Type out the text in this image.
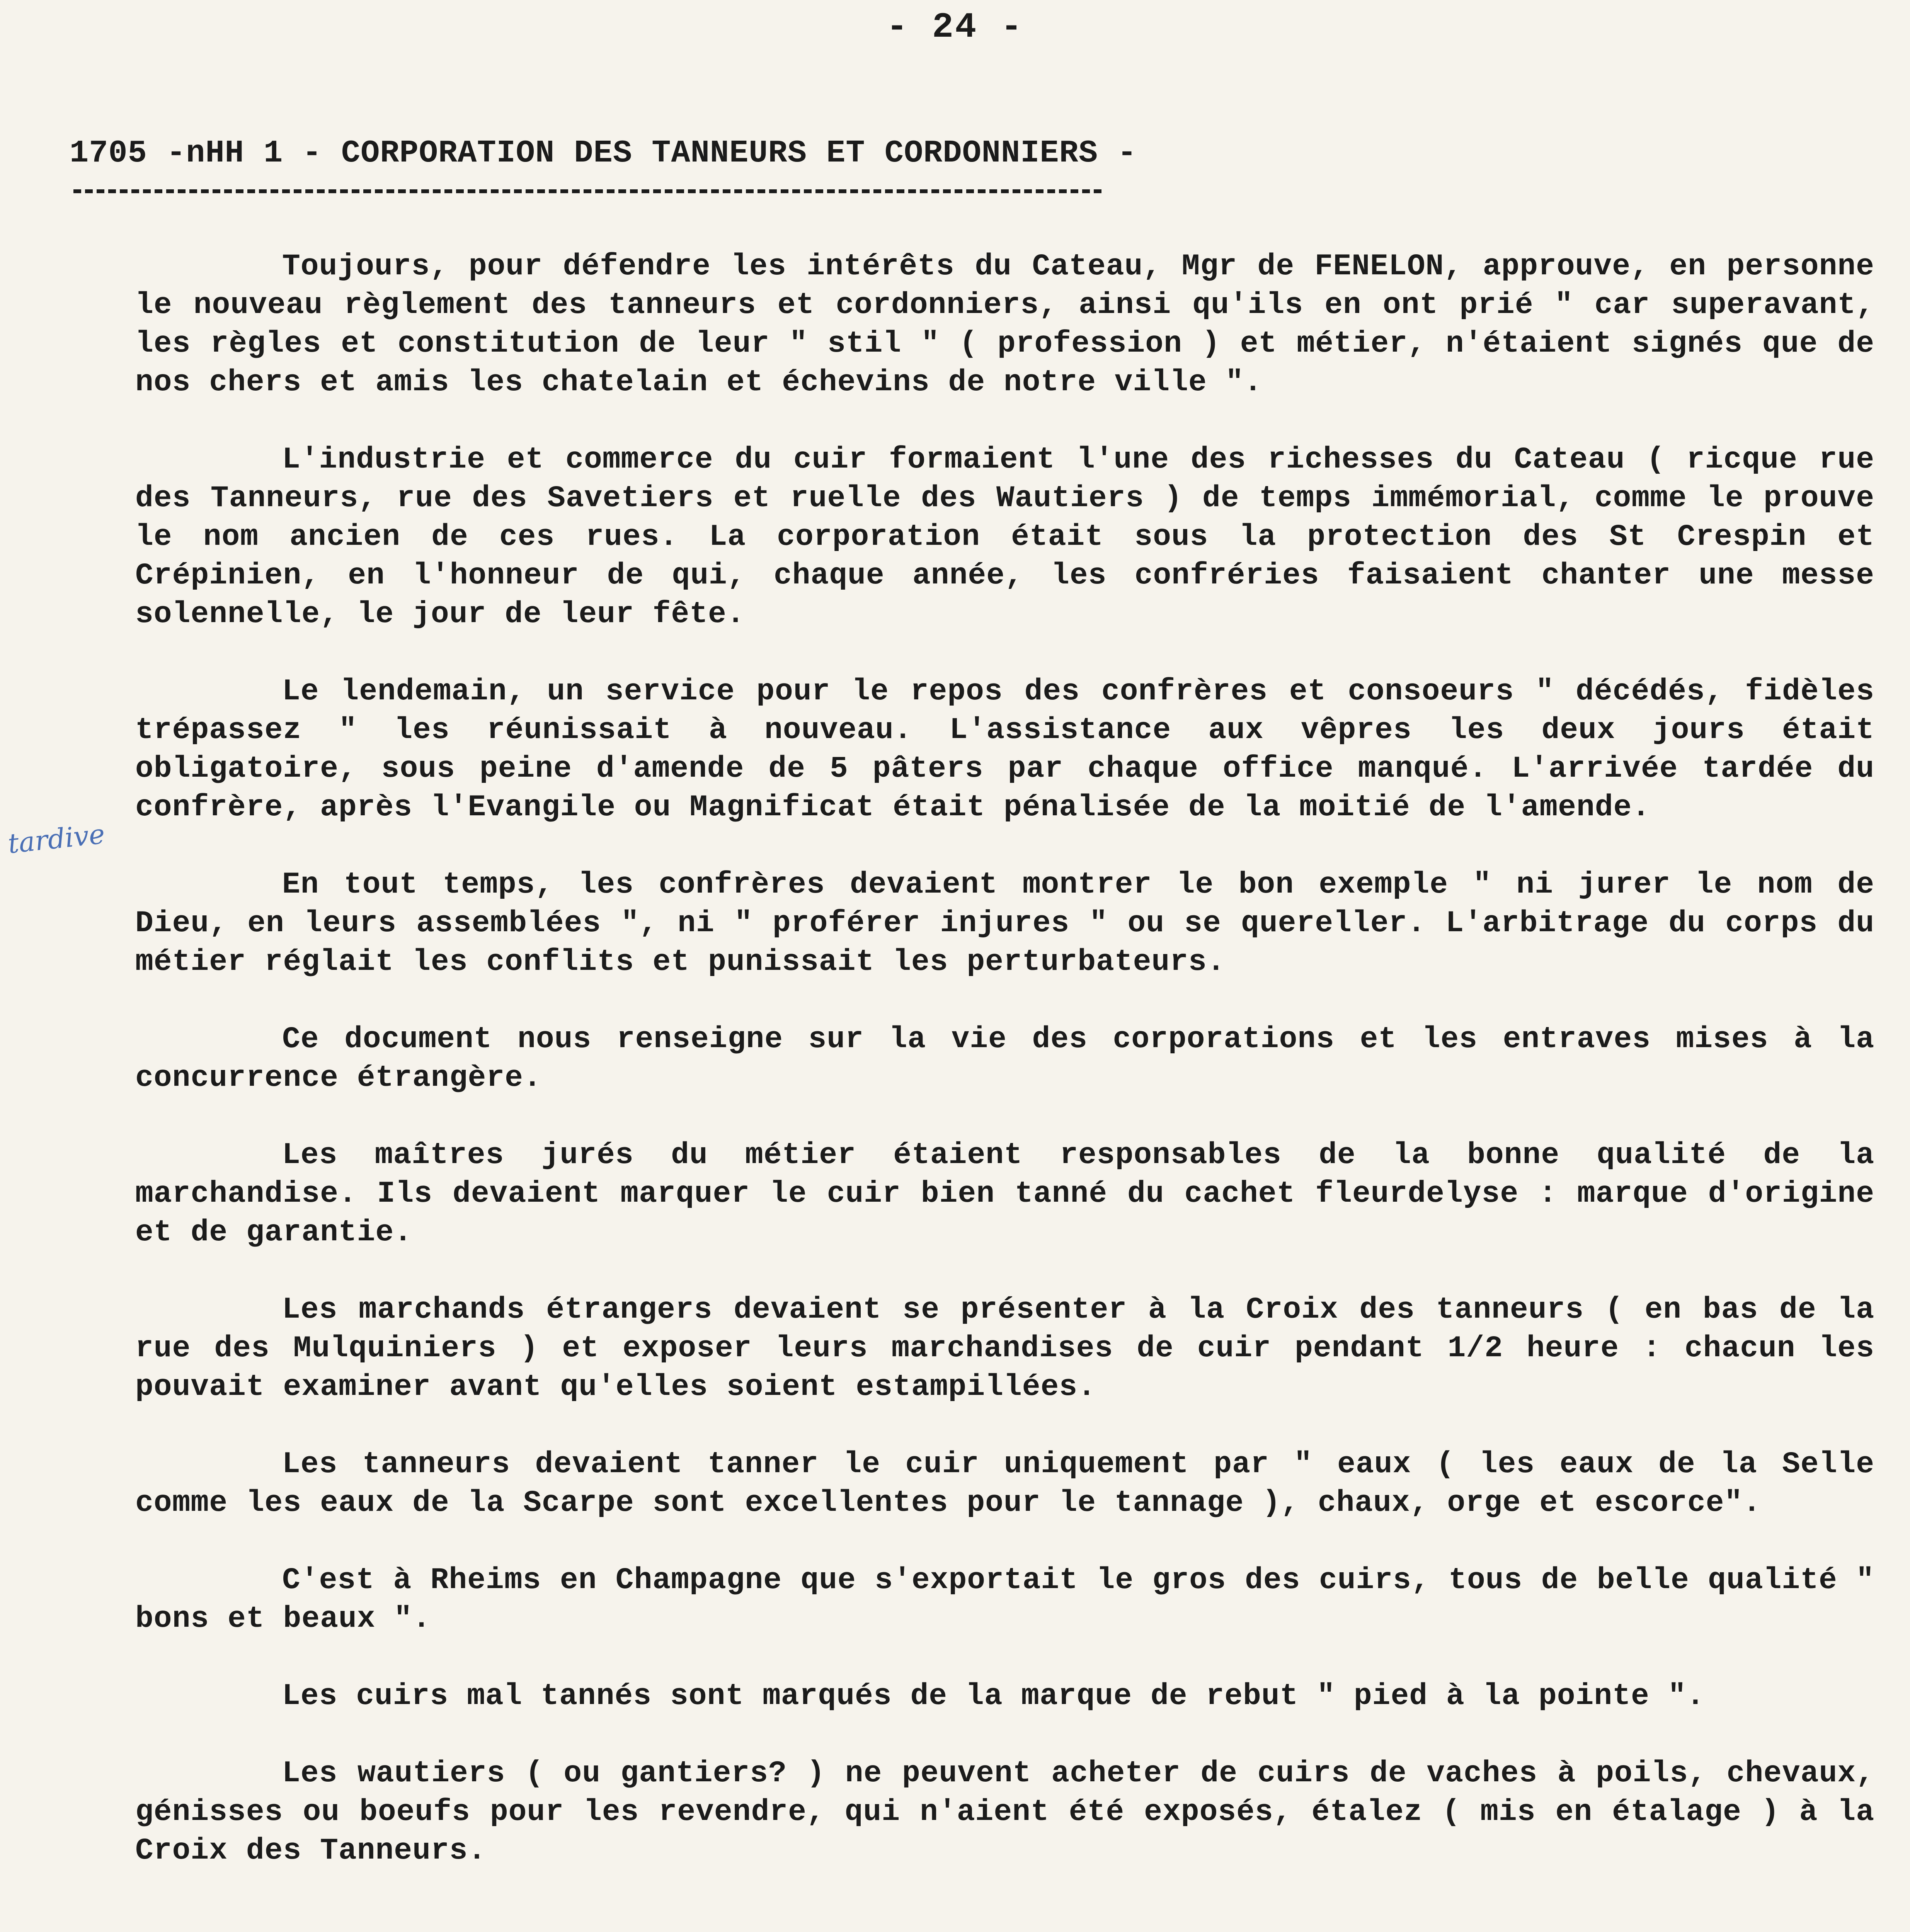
- 24 -
1705 -nHH 1 - CORPORATION DES TANNEURS ET CORDONNIERS -
tardive

Toujours, pour défendre les intérêts du Cateau, Mgr de FENELON, approuve, en personne le nouveau règlement des tanneurs et cordonniers, ainsi qu'ils en ont prié " car superavant, les règles et constitution de leur " stil " ( profession ) et métier, n'étaient signés que de nos chers et amis les chatelain et échevins de notre ville ".

L'industrie et commerce du cuir formaient l'une des richesses du Cateau ( ricque rue des Tanneurs, rue des Savetiers et ruelle des Wautiers ) de temps immémorial, comme le prouve le nom ancien de ces rues. La corporation était sous la protection des St Crespin et Crépinien, en l'honneur de qui, chaque année, les confréries faisaient chanter une messe solennelle, le jour de leur fête.

Le lendemain, un service pour le repos des confrères et consoeurs " décédés, fidèles trépassez " les réunissait à nouveau. L'assistance aux vêpres les deux jours était obligatoire, sous peine d'amende de 5 pâters par chaque office manqué. L'arrivée tardée du confrère, après l'Evangile ou Magnificat était pénalisée de la moitié de l'amende.

En tout temps, les confrères devaient montrer le bon exemple " ni jurer le nom de Dieu, en leurs assemblées ", ni " proférer injures " ou se quereller. L'arbitrage du corps du métier réglait les conflits et punissait les perturbateurs.

Ce document nous renseigne sur la vie des corporations et les entraves mises à la concurrence étrangère.

Les maîtres jurés du métier étaient responsables de la bonne qualité de la marchandise. Ils devaient marquer le cuir bien tanné du cachet fleurdelyse : marque d'origine et de garantie.

Les marchands étrangers devaient se présenter à la Croix des tanneurs ( en bas de la rue des Mulquiniers ) et exposer leurs marchandises de cuir pendant 1/2 heure : chacun les pouvait examiner avant qu'elles soient estampillées.

Les tanneurs devaient tanner le cuir uniquement par " eaux ( les eaux de la Selle comme les eaux de la Scarpe sont excellentes pour le tannage ), chaux, orge et escorce".

C'est à Rheims en Champagne que s'exportait le gros des cuirs, tous de belle qualité " bons et beaux ".

Les cuirs mal tannés sont marqués de la marque de rebut " pied à la pointe ".

Les wautiers ( ou gantiers? ) ne peuvent acheter de cuirs de vaches à poils, chevaux, génisses ou boeufs pour les revendre, qui n'aient été exposés, étalez ( mis en étalage ) à la Croix des Tanneurs.
